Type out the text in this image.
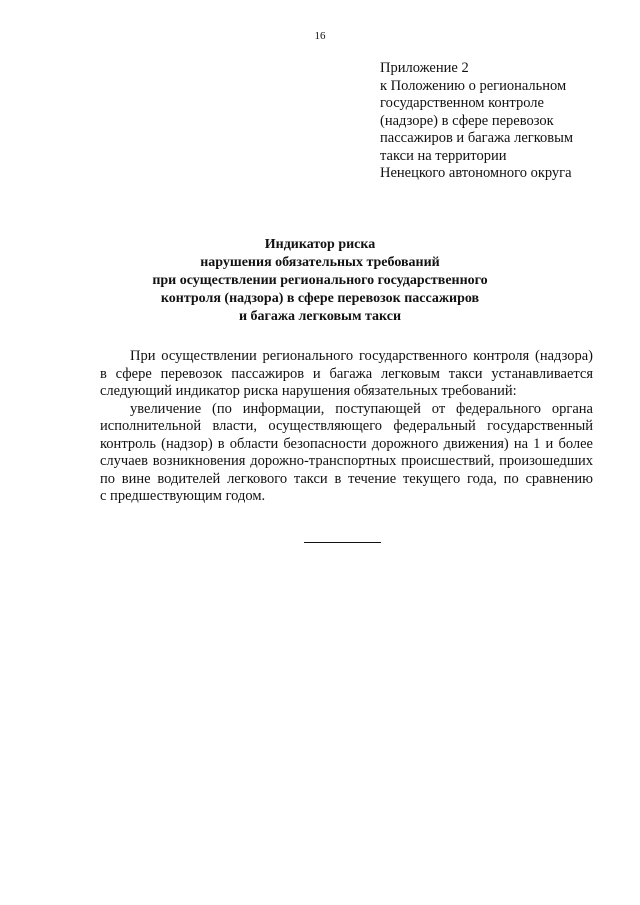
16
Приложение 2
к Положению о региональном
государственном контроле
(надзоре) в сфере перевозок
пассажиров и багажа легковым
такси на территории
Ненецкого автономного округа
Индикатор риска
нарушения обязательных требований
при осуществлении регионального государственного
контроля (надзора) в сфере перевозок пассажиров
и багажа легковым такси
При осуществлении регионального государственного контроля (надзора)
в сфере перевозок пассажиров и багажа легковым такси устанавливается
следующий индикатор риска нарушения обязательных требований:
увеличение (по информации, поступающей от федерального органа
исполнительной власти, осуществляющего федеральный государственный
контроль (надзор) в области безопасности дорожного движения) на 1 и более
случаев возникновения дорожно-транспортных происшествий, произошедших
по вине водителей легкового такси в течение текущего года, по сравнению
с предшествующим годом.
